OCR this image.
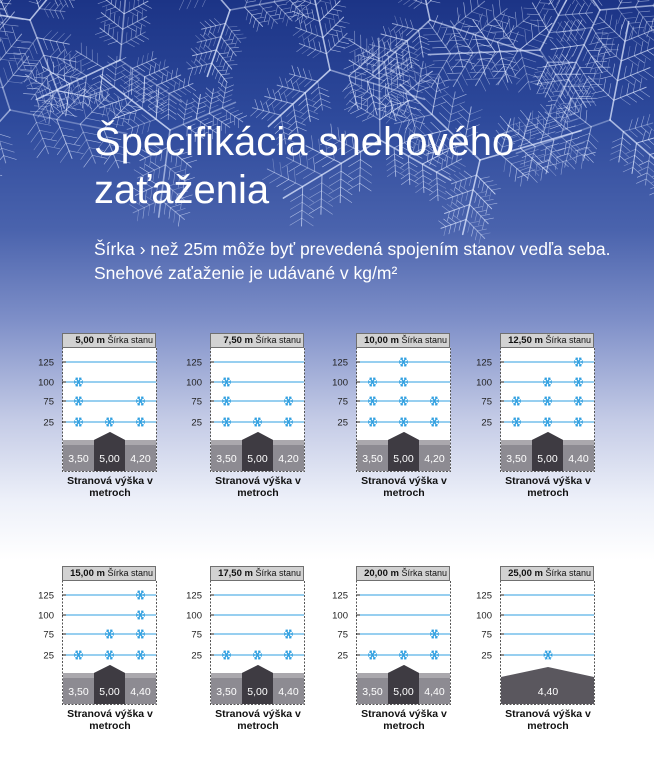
Špecifikácia snehového zaťaženia
Šírka › než 25m môže byť prevedená spojením stanov vedľa seba.
Snehové zaťaženie je udávané v kg/m²
125
100
75
25
3,50 5,00 4,20
5,00 m Šírka stanu
Stranová výška v metroch
125
100
75
25
3,50 5,00 4,20
7,50 m Šírka stanu
Stranová výška v metroch
125
100
75
25
3,50 5,00 4,20
10,00 m Šírka stanu
Stranová výška v metroch
125
100
75
25
3,50 5,00 4,40
12,50 m Šírka stanu
Stranová výška v metroch
125
100
75
25
3,50 5,00 4,40
15,00 m Šírka stanu
Stranová výška v metroch
125
100
75
25
3,50 5,00 4,40
17,50 m Šírka stanu
Stranová výška v metroch
125
100
75
25
3,50 5,00 4,40
20,00 m Šírka stanu
Stranová výška v metroch
125
100
75
25
4,40
25,00 m Šírka stanu
Stranová výška v metroch
